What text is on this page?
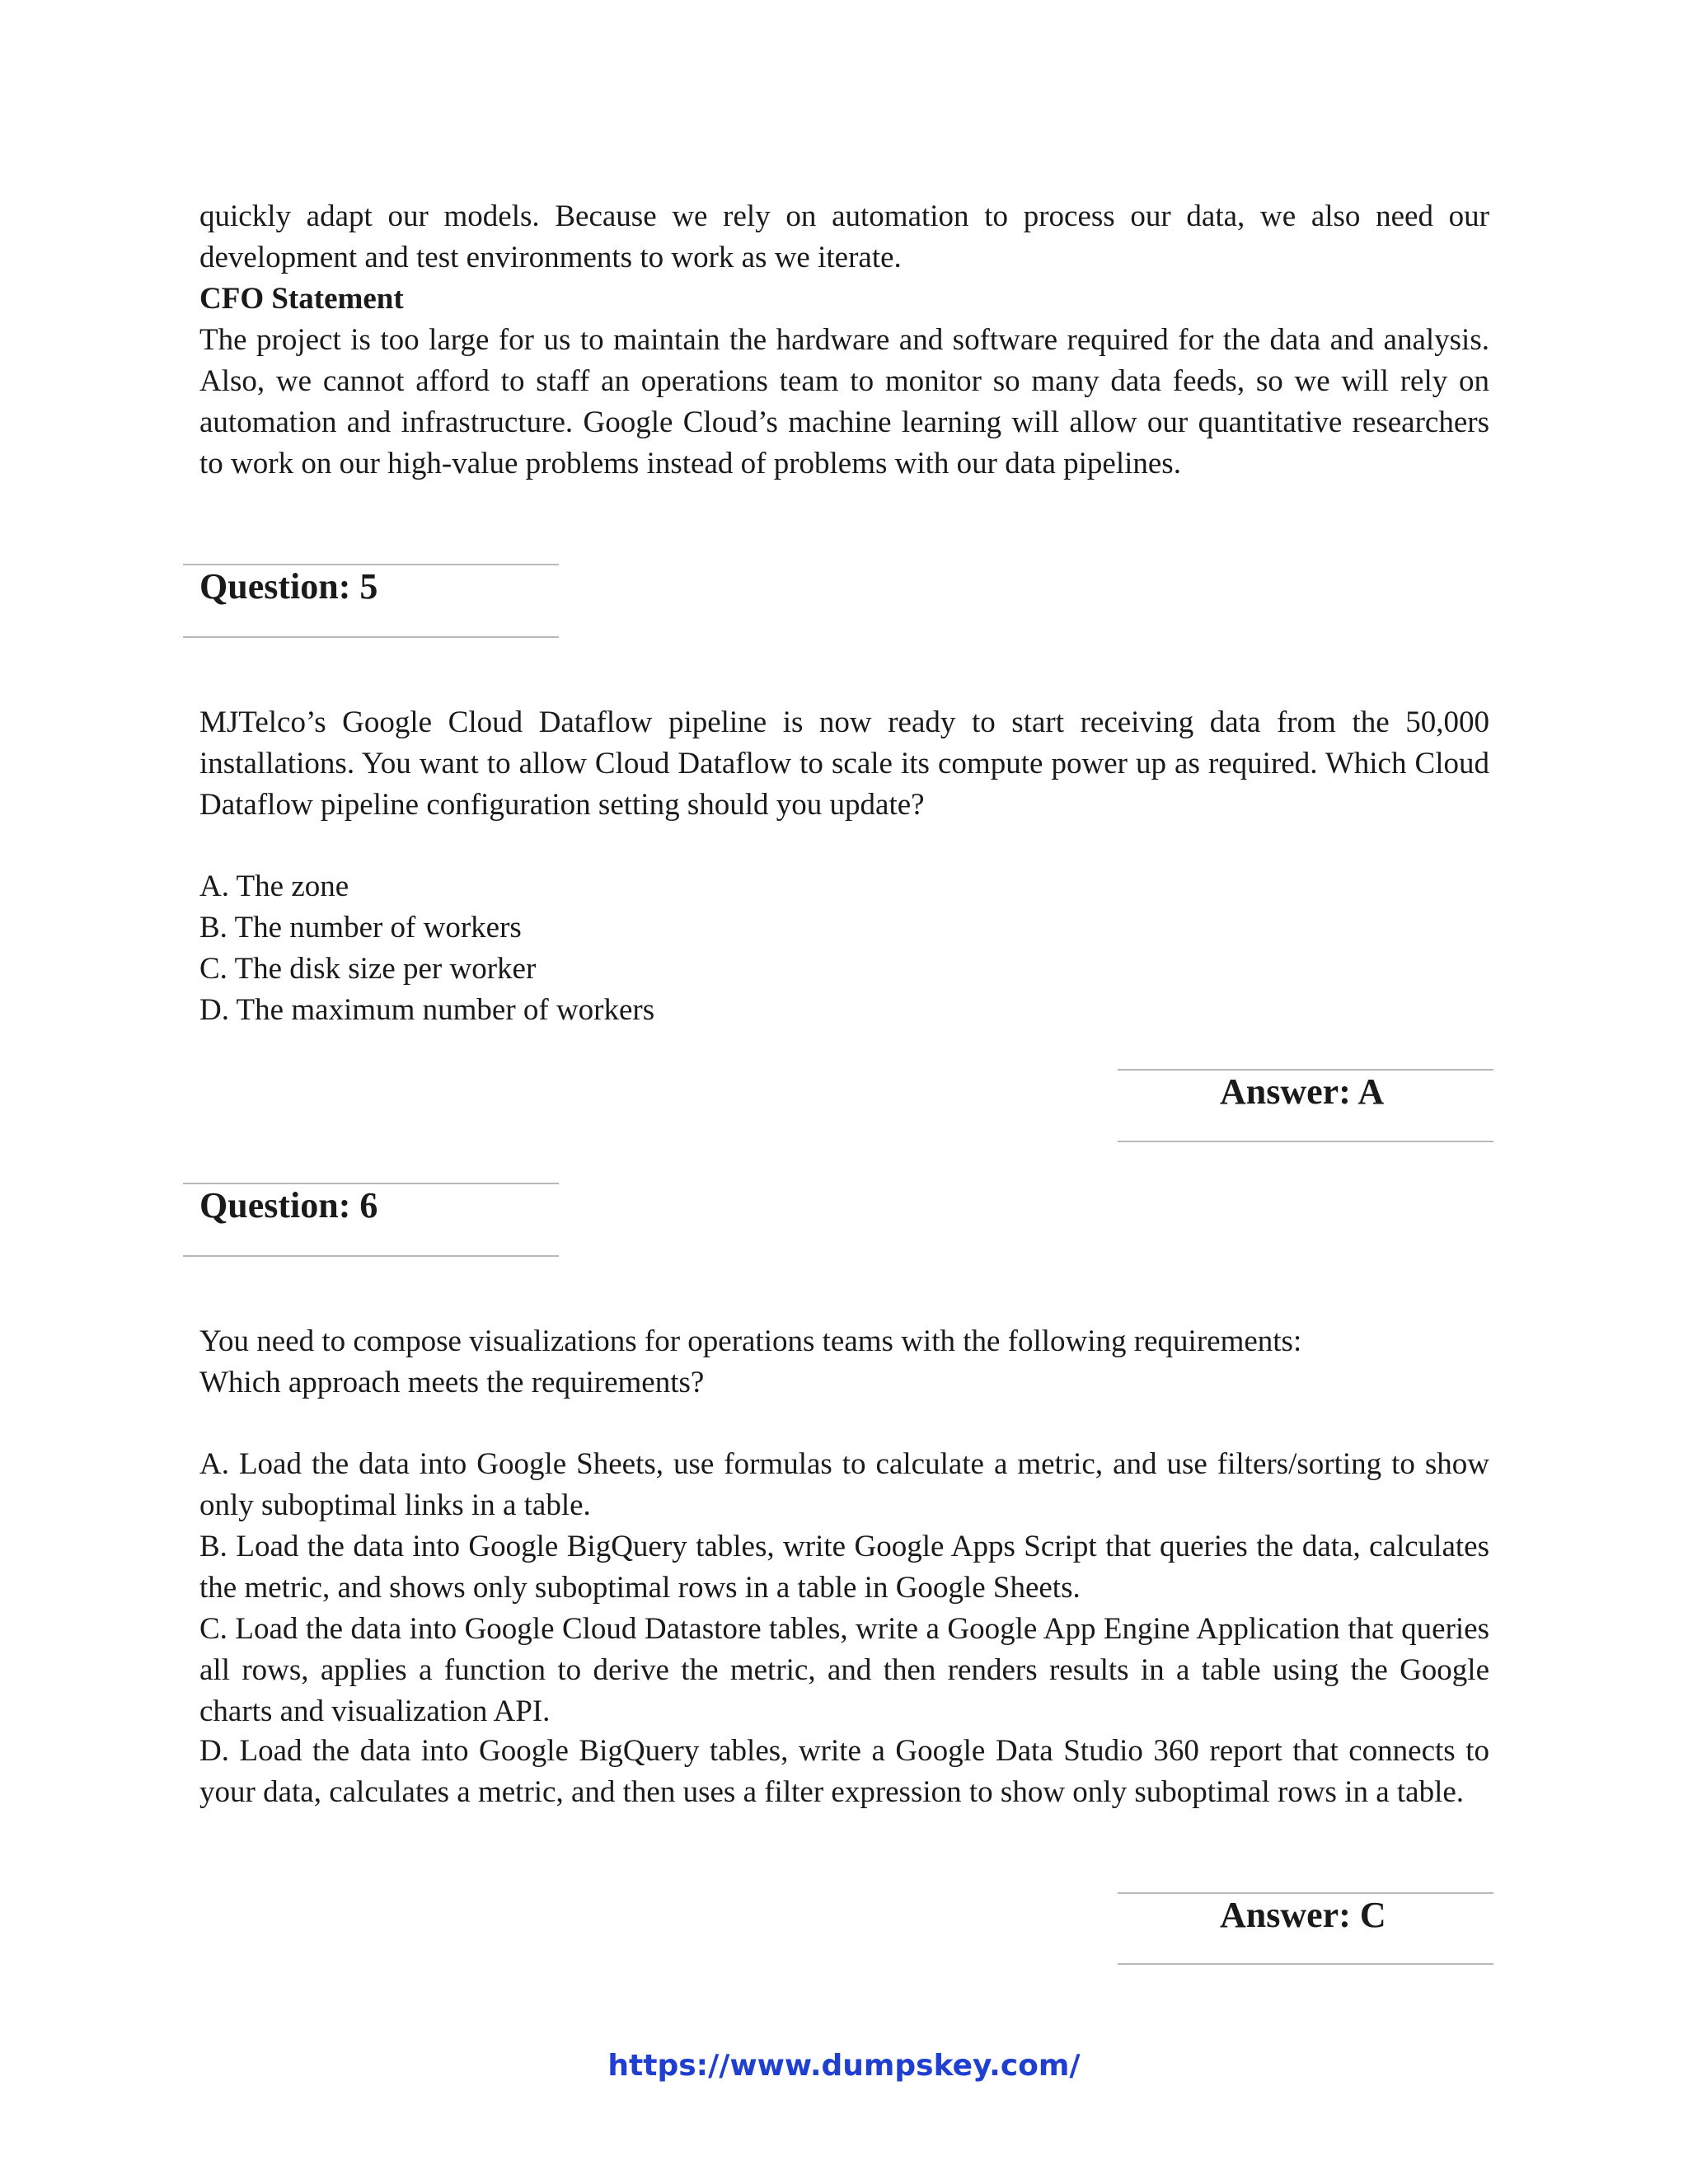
quickly adapt our models. Because we rely on automation to process our data, we also need our development and test environments to work as we iterate.

CFO Statement

The project is too large for us to maintain the hardware and software required for the data and analysis. Also, we cannot afford to staff an operations team to monitor so many data feeds, so we will rely on automation and infrastructure. Google Cloud’s machine learning will allow our quantitative researchers to work on our high-value problems instead of problems with our data pipelines.

Question: 5

MJTelco’s Google Cloud Dataflow pipeline is now ready to start receiving data from the 50,000 installations. You want to allow Cloud Dataflow to scale its compute power up as required. Which Cloud Dataflow pipeline configuration setting should you update?

A. The zone
B. The number of workers
C. The disk size per worker
D. The maximum number of workers

Answer: A

Question: 6

You need to compose visualizations for operations teams with the following requirements:
Which approach meets the requirements?

A. Load the data into Google Sheets, use formulas to calculate a metric, and use filters/sorting to show only suboptimal links in a table.

B. Load the data into Google BigQuery tables, write Google Apps Script that queries the data, calculates the metric, and shows only suboptimal rows in a table in Google Sheets.

C. Load the data into Google Cloud Datastore tables, write a Google App Engine Application that queries all rows, applies a function to derive the metric, and then renders results in a table using the Google charts and visualization API.

D. Load the data into Google BigQuery tables, write a Google Data Studio 360 report that connects to your data, calculates a metric, and then uses a filter expression to show only suboptimal rows in a table.

Answer: C

https://www.dumpskey.com/
